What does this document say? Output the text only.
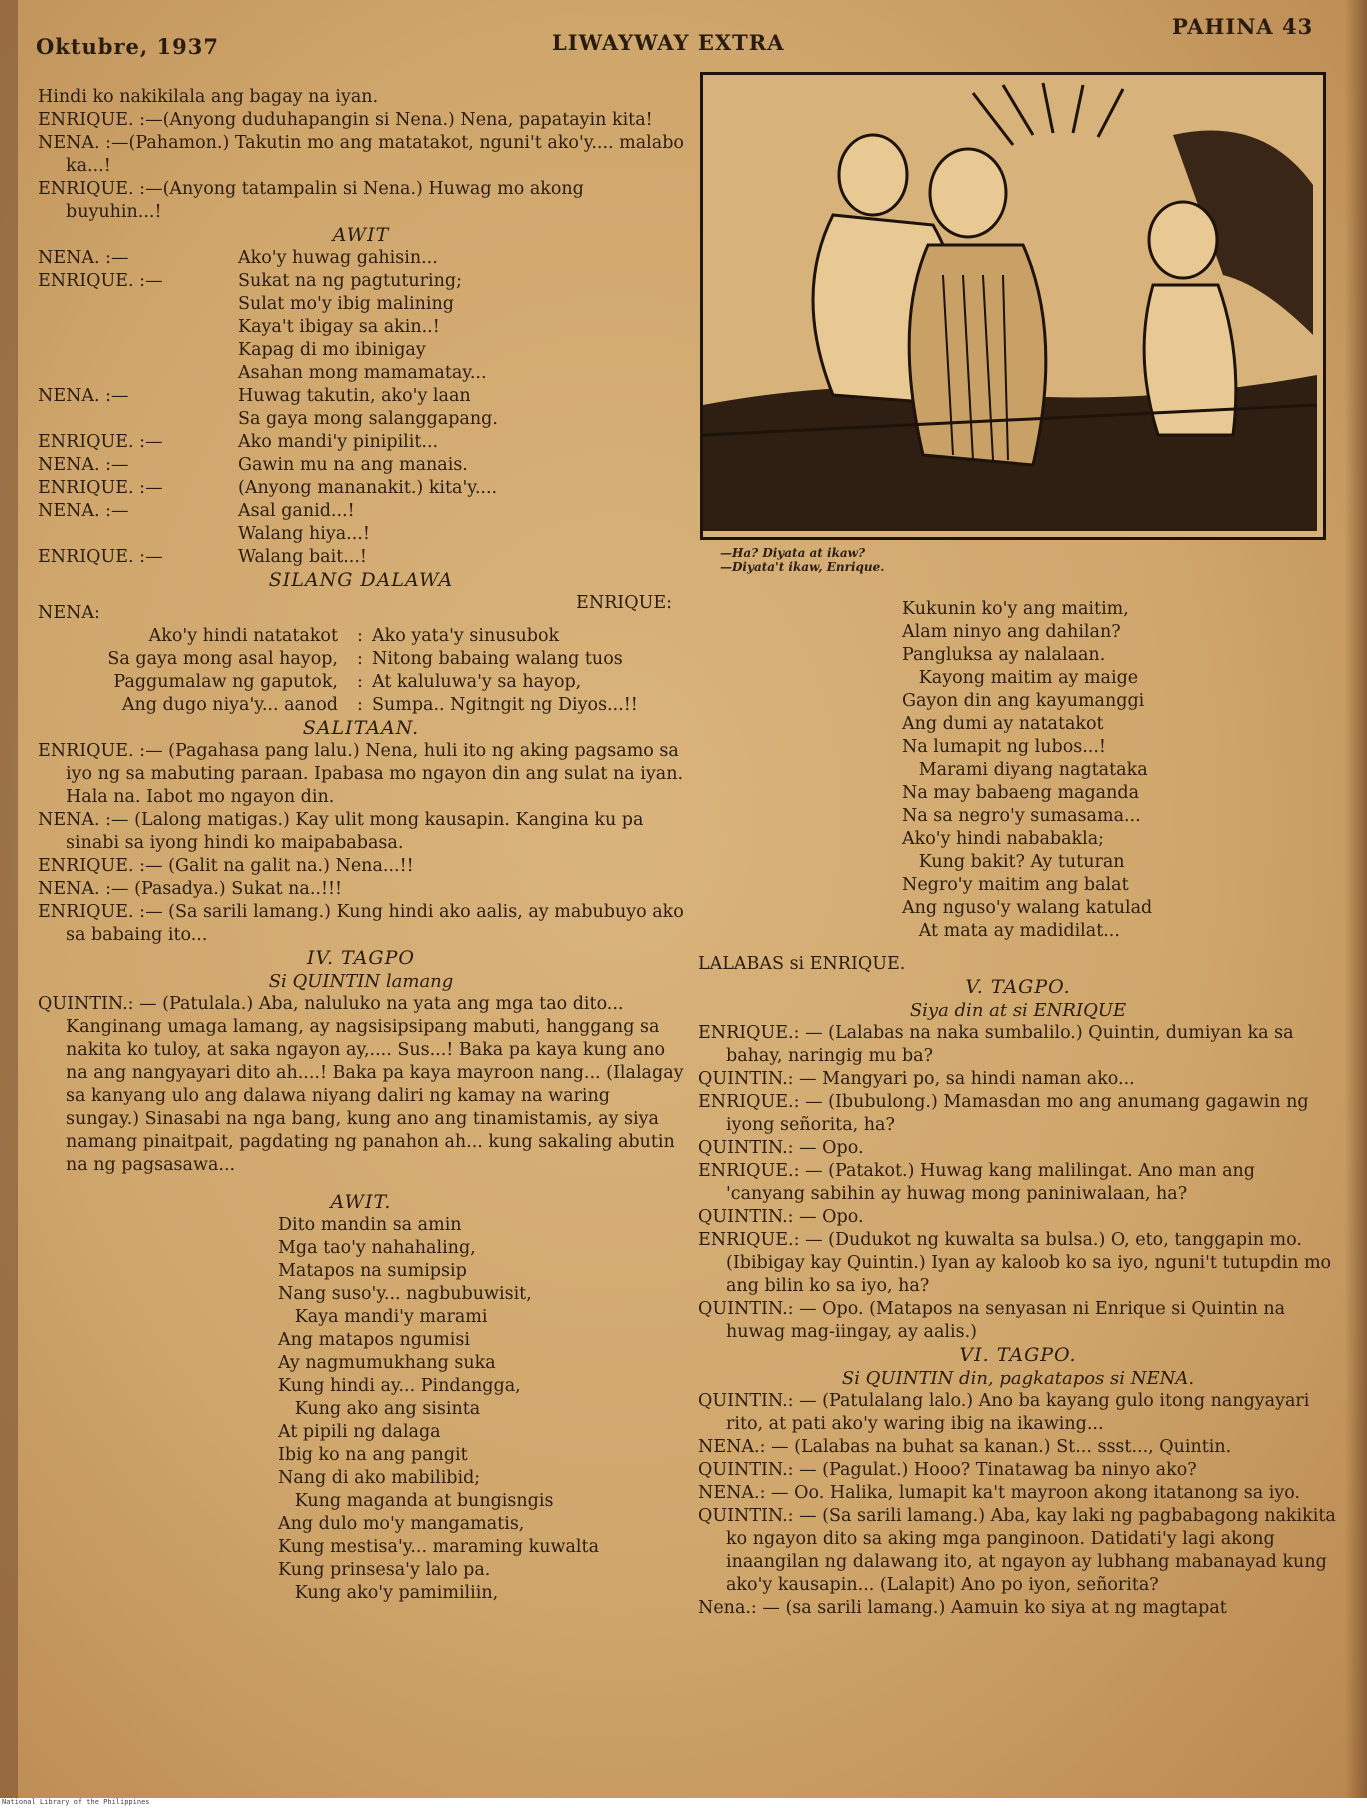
Oktubre, 1937	LIWAYWAY EXTRA
PAHINA 43

Hindi ko nakikilala ang bagay na iyan.

ENRIQUE. :—(Anyong duduhapangin si Nena.) Nena, papatayin kita!

NENA. :—(Pahamon.) Takutin mo ang matatakot, nguni't ako'y.... malabo ka...!

ENRIQUE. :—(Anyong tatampalin si Nena.) Huwag mo akong buyuhin...!

AWIT

NENA. :—	Ako'y huwag gahisin...
ENRIQUE. :—	Sukat na ng pagtuturing;
Sulat mo'y ibig malining
Kaya't ibigay sa akin..!
Kapag di mo ibinigay
Asahan mong mamamatay...
NENA. :—	Huwag takutin, ako'y laan
Sa gaya mong salanggapang.
ENRIQUE. :—	Ako mandi'y pinipilit...
NENA. :—	Gawin mu na ang manais.
ENRIQUE. :—	(Anyong mananakit.) kita'y....
NENA. :—	Asal ganid...!
Walang hiya...!
ENRIQUE. :—	Walang bait...!

SILANG DALAWA

NENA:	ENRIQUE:
Ako'y hindi natatakot	: Ako yata'y sinusubok
Sa gaya mong asal hayop,	: Nitong babaing walang tuos
Paggumalaw ng gaputok,	: At kaluluwa'y sa hayop,
Ang dugo niya'y... aanod	: Sumpa.. Ngitngit ng Diyos...!!

SALITAAN.

ENRIQUE. :— (Pagahasa pang lalu.) Nena, huli ito ng aking pagsamo sa iyo ng sa mabuting paraan. Ipabasa mo ngayon din ang sulat na iyan. Hala na. Iabot mo ngayon din.

NENA. :— (Lalong matigas.) Kay ulit mong kausapin. Kangina ku pa sinabi sa iyong hindi ko maipababasa.

ENRIQUE. :— (Galit na galit na.) Nena...!!

NENA. :— (Pasadya.) Sukat na..!!!

ENRIQUE. :— (Sa sarili lamang.) Kung hindi ako aalis, ay mabubuyo ako sa babaing ito...

IV. TAGPO

Si QUINTIN lamang

QUINTIN.: — (Patulala.) Aba, naluluko na yata ang mga tao dito... Kanginang umaga lamang, ay nagsisipsipang mabuti, hanggang sa nakita ko tuloy, at saka ngayon ay,.... Sus...! Baka pa kaya kung ano na ang nangyayari dito ah....! Baka pa kaya mayroon nang... (Ilalagay sa kanyang ulo ang dalawa niyang daliri ng kamay na waring sungay.) Sinasabi na nga bang, kung ano ang tinamistamis, ay siya namang pinaitpait, pagdating ng panahon ah... kung sakaling abutin na ng pagsasawa...

AWIT.

Dito mandin sa amin

Mga tao'y nahahaling,

Matapos na sumipsip

Nang suso'y... nagbubuwisit,

Kaya mandi'y marami

Ang matapos ngumisi

Ay nagmumukhang suka

Kung hindi ay... Pindangga,

Kung ako ang sisinta

At pipili ng dalaga

Ibig ko na ang pangit

Nang di ako mabilibid;

Kung maganda at bungisngis

Ang dulo mo'y mangamatis,

Kung mestisa'y... maraming kuwalta

Kung prinsesa'y lalo pa.

Kung ako'y pamimiliin,

—Ha? Diyata at ikaw?
—Diyata't ikaw, Enrique.

Kukunin ko'y ang maitim,

Alam ninyo ang dahilan?

Pangluksa ay nalalaan.

Kayong maitim ay maige

Gayon din ang kayumanggi

Ang dumi ay natatakot

Na lumapit ng lubos...!

Marami diyang nagtataka

Na may babaeng maganda

Na sa negro'y sumasama...

Ako'y hindi nababakla;

Kung bakit? Ay tuturan

Negro'y maitim ang balat

Ang nguso'y walang katulad

At mata ay madidilat...

LALABAS si ENRIQUE.

V. TAGPO.

Siya din at si ENRIQUE

ENRIQUE.: — (Lalabas na naka sumbalilo.) Quintin, dumiyan ka sa bahay, naringig mu ba?

QUINTIN.: — Mangyari po, sa hindi naman ako...

ENRIQUE.: — (Ibubulong.) Mamasdan mo ang anumang gagawin ng iyong señorita, ha?

QUINTIN.: — Opo.

ENRIQUE.: — (Patakot.) Huwag kang malilingat. Ano man ang 'canyang sabihin ay huwag mong paniniwalaan, ha?

QUINTIN.: — Opo.

ENRIQUE.: — (Dudukot ng kuwalta sa bulsa.) O, eto, tanggapin mo. (Ibibigay kay Quintin.) Iyan ay kaloob ko sa iyo, nguni't tutupdin mo ang bilin ko sa iyo, ha?

QUINTIN.: — Opo. (Matapos na senyasan ni Enrique si Quintin na huwag mag-iingay, ay aalis.)

VI. TAGPO.

Si QUINTIN din, pagkatapos si NENA.

QUINTIN.: — (Patulalang lalo.) Ano ba kayang gulo itong nangyayari rito, at pati ako'y waring ibig na ikawing...

NENA.: — (Lalabas na buhat sa kanan.) St... ssst..., Quintin.

QUINTIN.: — (Pagulat.) Hooo? Tinatawag ba ninyo ako?

NENA.: — Oo. Halika, lumapit ka't mayroon akong itatanong sa iyo.

QUINTIN.: — (Sa sarili lamang.) Aba, kay laki ng pagbabagong nakikita ko ngayon dito sa aking mga panginoon. Datidati'y lagi akong inaangilan ng dalawang ito, at ngayon ay lubhang mabanayad kung ako'y kausapin... (Lalapit) Ano po iyon, señorita?

Nena.: — (sa sarili lamang.) Aamuin ko siya at ng magtapat

National Library of the Philippines
